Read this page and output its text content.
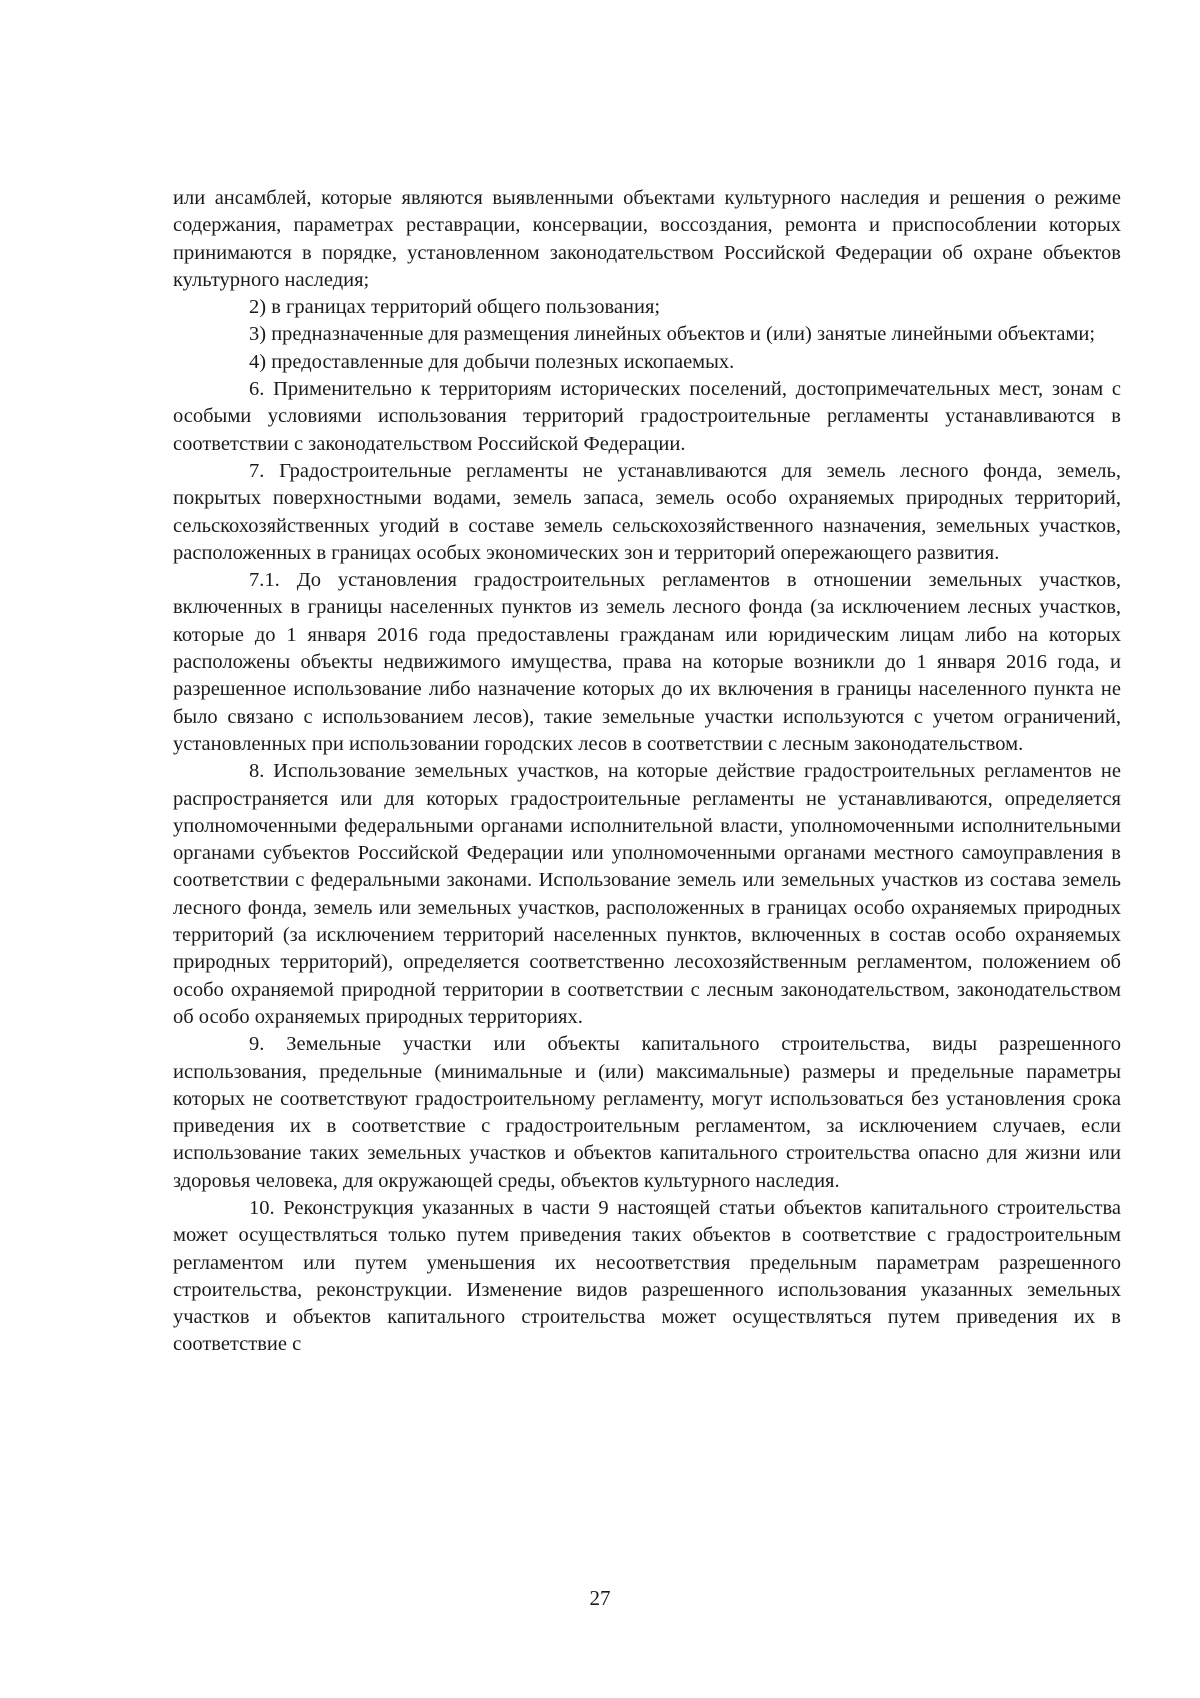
или ансамблей, которые являются выявленными объектами культурного наследия и решения о режиме содержания, параметрах реставрации, консервации, воссоздания, ремонта и приспособлении которых принимаются в порядке, установленном законодательством Российской Федерации об охране объектов культурного наследия;

2) в границах территорий общего пользования;

3) предназначенные для размещения линейных объектов и (или) занятые линейными объектами;

4) предоставленные для добычи полезных ископаемых.

6. Применительно к территориям исторических поселений, достопримечательных мест, зонам с особыми условиями использования территорий градостроительные регламенты устанавливаются в соответствии с законодательством Российской Федерации.

7. Градостроительные регламенты не устанавливаются для земель лесного фонда, земель, покрытых поверхностными водами, земель запаса, земель особо охраняемых природных территорий, сельскохозяйственных угодий в составе земель сельскохозяйственного назначения, земельных участков, расположенных в границах особых экономических зон и территорий опережающего развития.

7.1. До установления градостроительных регламентов в отношении земельных участков, включенных в границы населенных пунктов из земель лесного фонда (за исключением лесных участков, которые до 1 января 2016 года предоставлены гражданам или юридическим лицам либо на которых расположены объекты недвижимого имущества, права на которые возникли до 1 января 2016 года, и разрешенное использование либо назначение которых до их включения в границы населенного пункта не было связано с использованием лесов), такие земельные участки используются с учетом ограничений, установленных при использовании городских лесов в соответствии с лесным законодательством.

8. Использование земельных участков, на которые действие градостроительных регламентов не распространяется или для которых градостроительные регламенты не устанавливаются, определяется уполномоченными федеральными органами исполнительной власти, уполномоченными исполнительными органами субъектов Российской Федерации или уполномоченными органами местного самоуправления в соответствии с федеральными законами. Использование земель или земельных участков из состава земель лесного фонда, земель или земельных участков, расположенных в границах особо охраняемых природных территорий (за исключением территорий населенных пунктов, включенных в состав особо охраняемых природных территорий), определяется соответственно лесохозяйственным регламентом, положением об особо охраняемой природной территории в соответствии с лесным законодательством, законодательством об особо охраняемых природных территориях.

9. Земельные участки или объекты капитального строительства, виды разрешенного использования, предельные (минимальные и (или) максимальные) размеры и предельные параметры которых не соответствуют градостроительному регламенту, могут использоваться без установления срока приведения их в соответствие с градостроительным регламентом, за исключением случаев, если использование таких земельных участков и объектов капитального строительства опасно для жизни или здоровья человека, для окружающей среды, объектов культурного наследия.

10. Реконструкция указанных в части 9 настоящей статьи объектов капитального строительства может осуществляться только путем приведения таких объектов в соответствие с градостроительным регламентом или путем уменьшения их несоответствия предельным параметрам разрешенного строительства, реконструкции. Изменение видов разрешенного использования указанных земельных участков и объектов капитального строительства может осуществляться путем приведения их в соответствие с

27
